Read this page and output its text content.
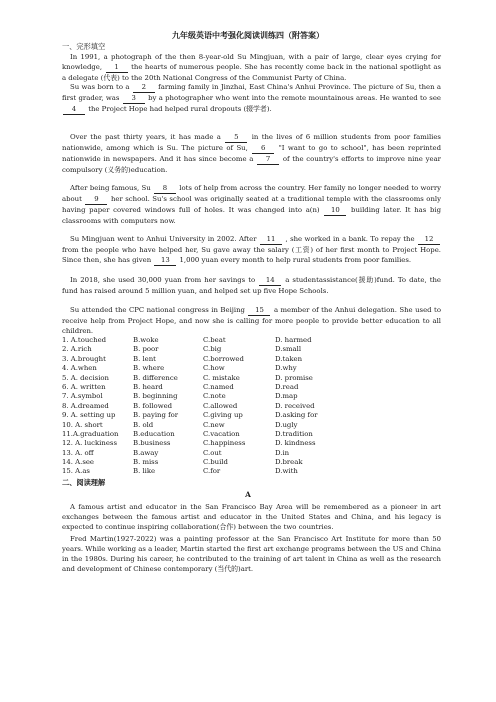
九年级英语中考强化阅读训练四（附答案）
一、完形填空
In 1991, a photograph of the then 8-year-old Su Mingjuan, with a pair of large, clear eyes crying for knowledge, 1 the hearts of numerous people. She has recently come back in the national spotlight as a delegate (代表) to the 20th National Congress of the Communist Party of China.
Su was born to a 2 farming family in Jinzhai, East China's Anhui Province. The picture of Su, then a first grader, was 3 by a photographer who went into the remote mountainous areas. He wanted to see 4 the Project Hope had helped rural dropouts (辍学者).
Over the past thirty years, it has made a 5 in the lives of 6 million students from poor families nationwide, among which is Su. The picture of Su, 6 "I want to go to school", has been reprinted nationwide in newspapers. And it has since become a 7 of the country's efforts to improve nine year compulsory (义务的)education.
After being famous, Su 8 lots of help from across the country. Her family no longer needed to worry about 9 her school. Su's school was originally seated at a traditional temple with the classrooms only having paper covered windows full of holes. It was changed into a(n) 10 building later. It has big classrooms with computers now.
Su Mingjuan went to Anhui University in 2002. After 11 , she worked in a bank. To repay the 12 from the people who have helped her, Su gave away the salary (工资) of her first month to Project Hope. Since then, she has given 13 1,000 yuan every month to help rural students from poor families.
In 2018, she used 30,000 yuan from her savings to 14 a studentassistance(援助)fund. To date, the fund has raised around 5 million yuan, and helped set up five Hope Schools.
Su attended the CPC national congress in Beijing 15 a member of the Anhui delegation. She used to receive help from Project Hope, and now she is calling for more people to provide better education to all children.
1. A.touched	B.woke	C.beat	D. harmed
2. A.rich	B. poor	C.big	D.small
3. A.brought	B. lent	C.borrowed	D.taken
4. A.when	B. where	C.how	D.why
5. A. decision	B. difference	C. mistake	D. promise
6. A. written	B. heard	C.named	D.read
7. A.symbol	B. beginning	C.note	D.map
8. A.dreamed	B. followed	C.allowed	D. received
9. A. setting up	B. paying for	C.giving up	D.asking for
10. A. short	B. old	C.new	D.ugly
11.A.graduation	B.education	C.vacation	D.tradition
12. A. luckiness	B.business	C.happiness	D. kindness
13. A. off	B.away	C.out	D.in
14. A.see	B. miss	C.build	D.break
15. A.as	B. like	C.for	D.with
二、阅读理解
A
A famous artist and educator in the San Francisco Bay Area will be remembered as a pioneer in art exchanges between the famous artist and educator in the United States and China, and his legacy is expected to continue inspiring collaboration(合作) between the two countries.
Fred Martin(1927-2022) was a painting professor at the San Francisco Art Institute for more than 50 years. While working as a leader, Martin started the first art exchange programs between the US and China in the 1980s. During his career, he contributed to the training of art talent in China as well as the research and development of Chinese contemporary (当代的)art.
